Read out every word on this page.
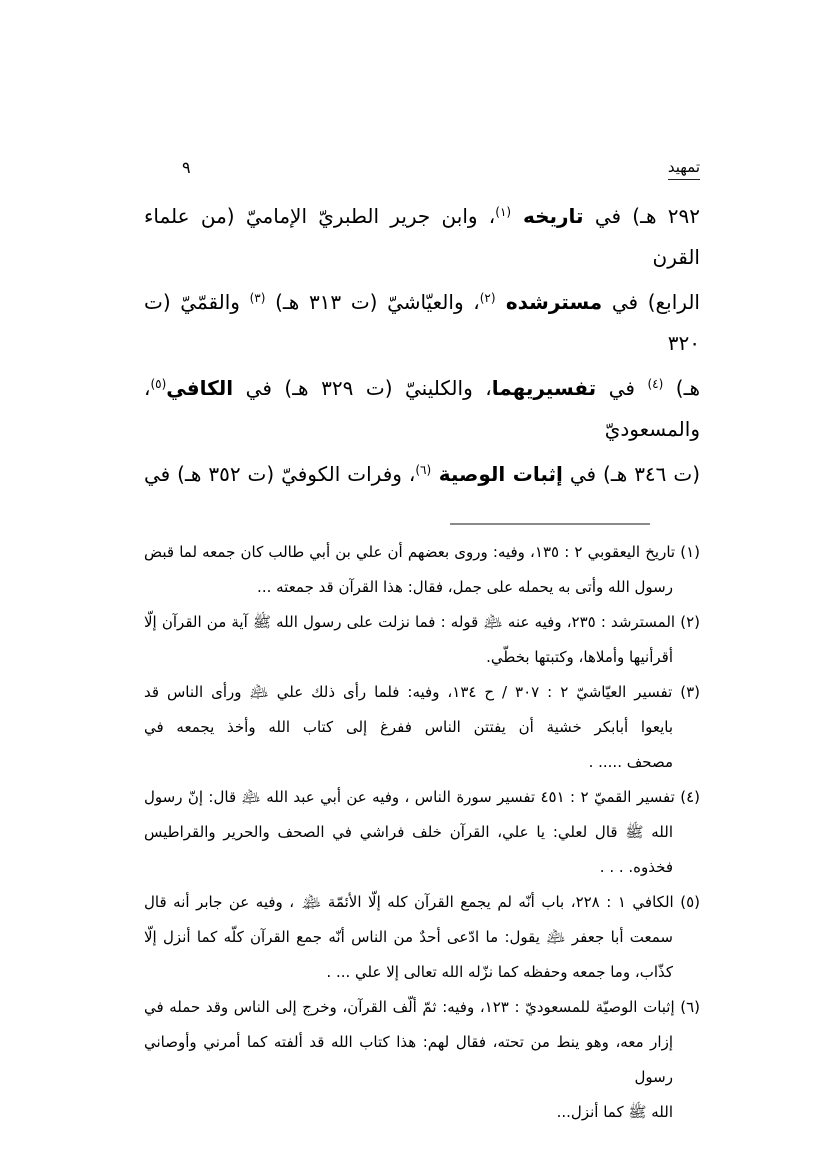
تمهيد
٩
٢٩٢ هـ) في تاريخه $^{(١)}$، وابن جرير الطبريّ الإماميّ (من علماء القرن
الرابع) في مسترشده $^{(٢)}$، والعيّاشيّ (ت ٣١٣ هـ) $^{(٣)}$ والقمّيّ (ت ٣٢٠
هـ) $^{(٤)}$ في تفسيريهما، والكلينيّ (ت ٣٢٩ هـ) في الكافي$^{(٥)}$، والمسعوديّ
(ت ٣٤٦ هـ) في إثبات الوصية $^{(٦)}$، وفرات الكوفيّ (ت ٣٥٢ هـ) في
(١) تاريخ اليعقوبي ٢ : ١٣٥، وفيه: وروى بعضهم أن علي بن أبي طالب كان جمعه لما قبض
رسول الله وأتى به يحمله على جمل، فقال: هذا القرآن قد جمعته ...
(٢) المسترشد : ٢٣٥، وفيه عنه ﵇ قوله : فما نزلت على رسول الله ﷺ آية من القرآن إلّا
أقرأنيها وأملاها، وكتبتها بخطّي.
(٣) تفسير العيّاشيّ ٢ : ٣٠٧ / ح ١٣٤، وفيه: فلما رأى ذلك علي ﵇ ورأى الناس قد
بايعوا أبابكر خشية أن يفتتن الناس ففرغ إلى كتاب الله وأخذ يجمعه في
مصحف ..... .
(٤) تفسير القميّ ٢ : ٤٥١ تفسير سورة الناس ، وفيه عن أبي عبد الله ﵇ قال: إنّ رسول
الله ﷺ قال لعلي: يا علي، القرآن خلف فراشي في الصحف والحرير والقراطيس
فخذوه. . . .
(٥) الكافي ١ : ٢٢٨، باب أنّه لم يجمع القرآن كله إلّا الأئمّة ﵈ ، وفيه عن جابر أنه قال
سمعت أبا جعفر ﵇ يقول: ما ادّعى أحدٌ من الناس أنّه جمع القرآن كلّه كما أنزل إلّا
كذّاب، وما جمعه وحفظه كما نزّله الله تعالى إلا علي ... .
(٦) إثبات الوصيّة للمسعوديّ : ١٢٣، وفيه: ثمّ ألّف القرآن، وخرج إلى الناس وقد حمله في
إزار معه، وهو ينط من تحته، فقال لهم: هذا كتاب الله قد ألفته كما أمرني وأوصاني رسول
الله ﷺ كما أنزل...
